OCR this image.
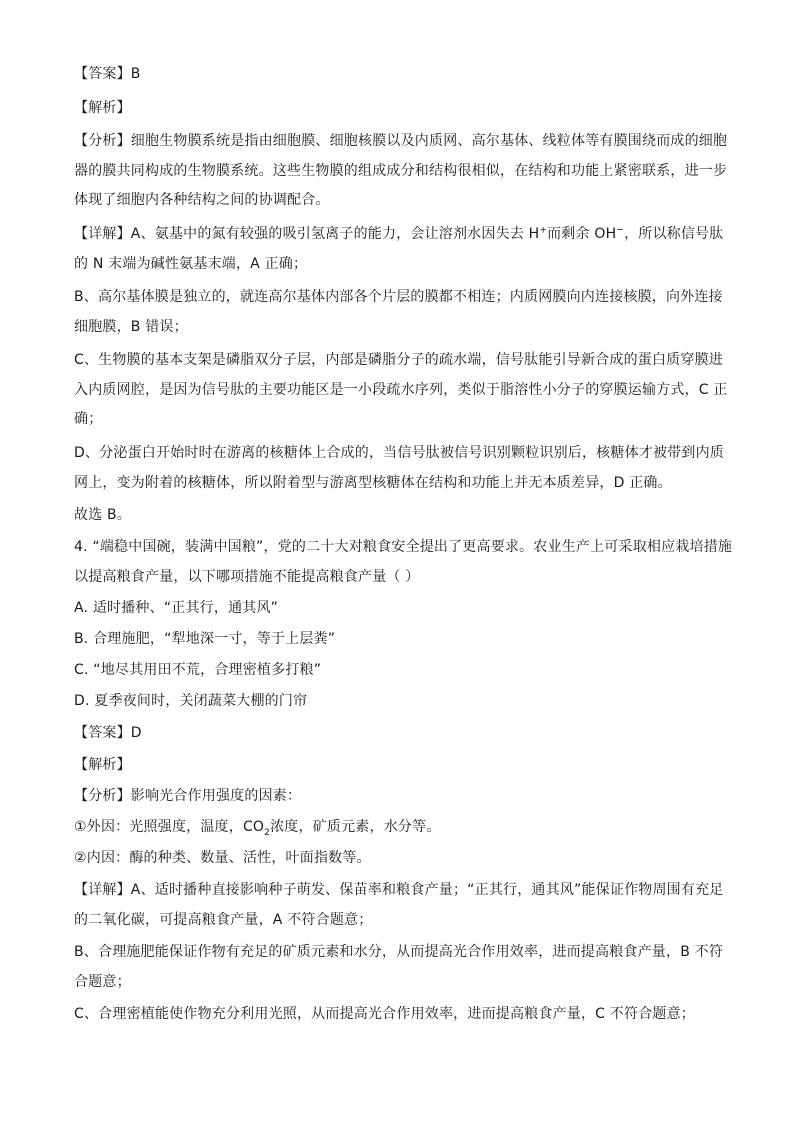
【答案】B
【解析】
【分析】细胞生物膜系统是指由细胞膜、细胞核膜以及内质网、高尔基体、线粒体等有膜围绕而成的细胞
器的膜共同构成的生物膜系统。这些生物膜的组成成分和结构很相似，在结构和功能上紧密联系，进一步
体现了细胞内各种结构之间的协调配合。
【详解】A、氨基中的氮有较强的吸引氢离子的能力，会让溶剂水因失去 H+而剩余 OH−，所以称信号肽
的 N 末端为碱性氨基末端，A 正确；
B、高尔基体膜是独立的，就连高尔基体内部各个片层的膜都不相连；内质网膜向内连接核膜，向外连接
细胞膜，B 错误；
C、生物膜的基本支架是磷脂双分子层，内部是磷脂分子的疏水端，信号肽能引导新合成的蛋白质穿膜进
入内质网腔，是因为信号肽的主要功能区是一小段疏水序列，类似于脂溶性小分子的穿膜运输方式，C 正
确；
D、分泌蛋白开始时时在游离的核糖体上合成的，当信号肽被信号识别颗粒识别后，核糖体才被带到内质
网上，变为附着的核糖体，所以附着型与游离型核糖体在结构和功能上并无本质差异，D 正确。
故选 B。
4. “端稳中国碗，装满中国粮”，党的二十大对粮食安全提出了更高要求。农业生产上可采取相应栽培措施
以提高粮食产量，以下哪项措施不能提高粮食产量（ ）
A. 适时播种、“正其行，通其风”
B. 合理施肥，“犁地深一寸，等于上层粪”
C. “地尽其用田不荒，合理密植多打粮”
D. 夏季夜间时，关闭蔬菜大棚的门帘
【答案】D
【解析】
【分析】影响光合作用强度的因素：
①外因：光照强度，温度，$CO_2$浓度，矿质元素，水分等。
②内因：酶的种类、数量、活性，叶面指数等。
【详解】A、适时播种直接影响种子萌发、保苗率和粮食产量；“正其行，通其风”能保证作物周围有充足
的二氧化碳，可提高粮食产量，A 不符合题意；
B、合理施肥能保证作物有充足的矿质元素和水分，从而提高光合作用效率，进而提高粮食产量，B 不符
合题意；
C、合理密植能使作物充分利用光照，从而提高光合作用效率，进而提高粮食产量，C 不符合题意；
